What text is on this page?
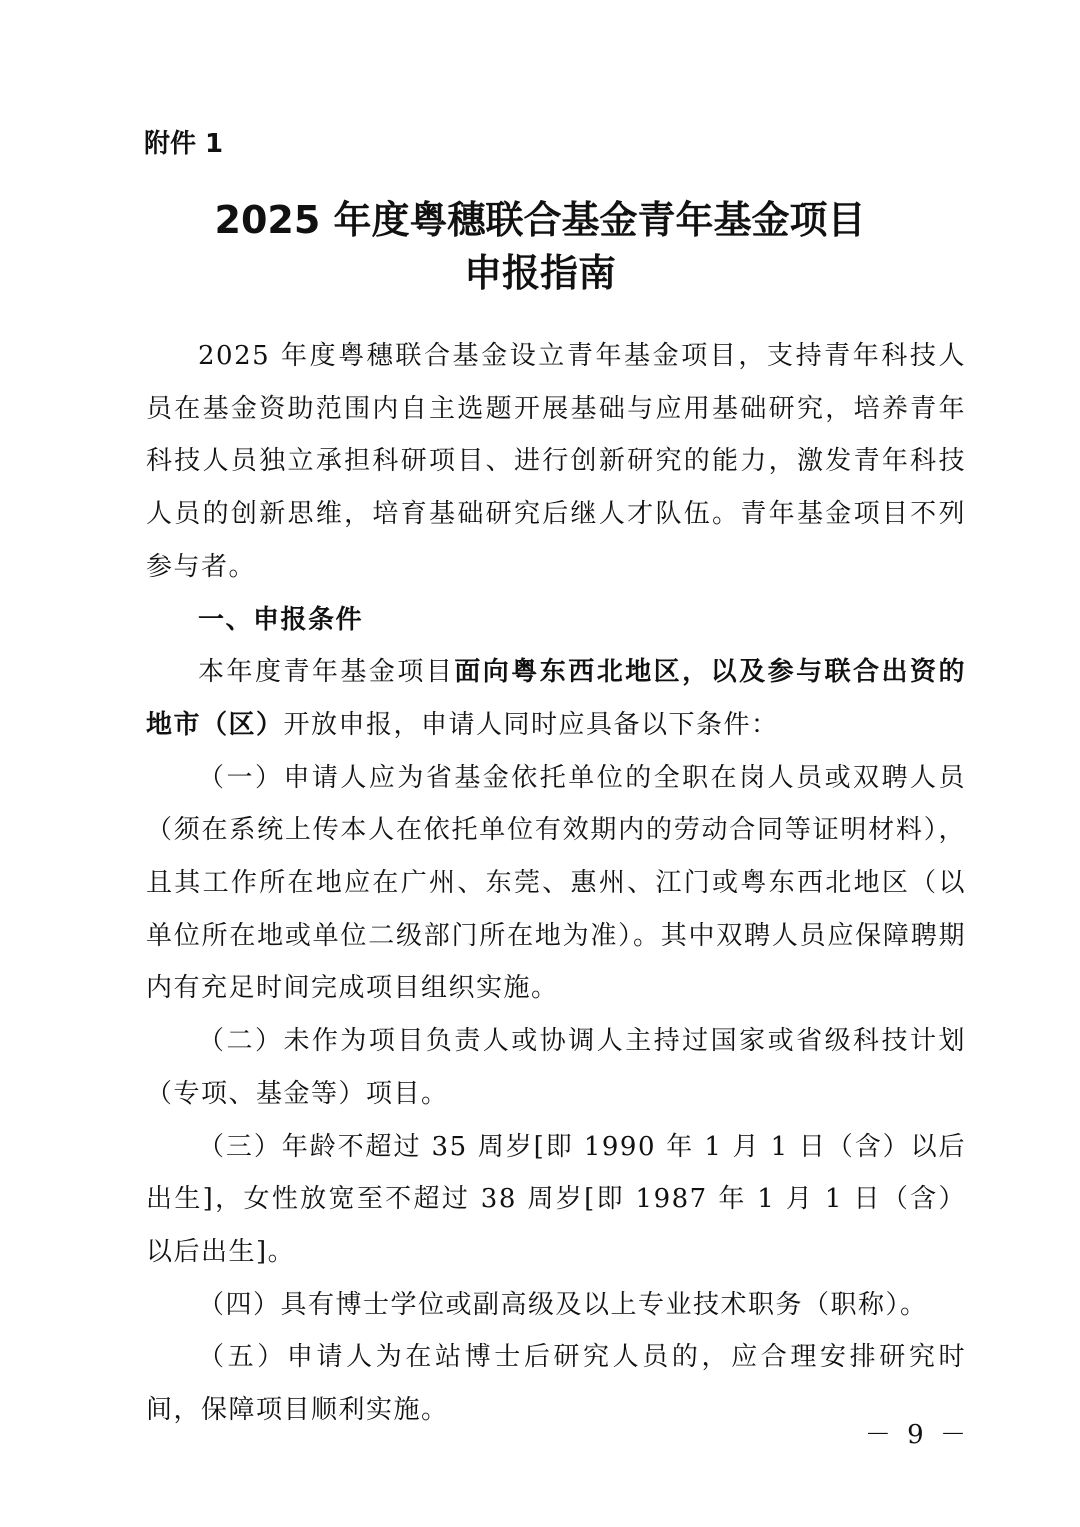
附件 1
2025 年度粤穗联合基金青年基金项目
申报指南

2025 年度粤穗联合基金设立青年基金项目，支持青年科技人员在基金资助范围内自主选题开展基础与应用基础研究，培养青年科技人员独立承担科研项目、进行创新研究的能力，激发青年科技人员的创新思维，培育基础研究后继人才队伍。青年基金项目不列参与者。

一、申报条件

本年度青年基金项目面向粤东西北地区，以及参与联合出资的地市（区）开放申报，申请人同时应具备以下条件：

（一）申请人应为省基金依托单位的全职在岗人员或双聘人员（须在系统上传本人在依托单位有效期内的劳动合同等证明材料），且其工作所在地应在广州、东莞、惠州、江门或粤东西北地区（以单位所在地或单位二级部门所在地为准）。其中双聘人员应保障聘期内有充足时间完成项目组织实施。

（二）未作为项目负责人或协调人主持过国家或省级科技计划（专项、基金等）项目。

（三）年龄不超过 35 周岁[即 1990 年 1 月 1 日（含）以后出生]，女性放宽至不超过 38 周岁[即 1987 年 1 月 1 日（含）以后出生]。

（四）具有博士学位或副高级及以上专业技术职务（职称）。

（五）申请人为在站博士后研究人员的，应合理安排研究时间，保障项目顺利实施。

－ 9 －
